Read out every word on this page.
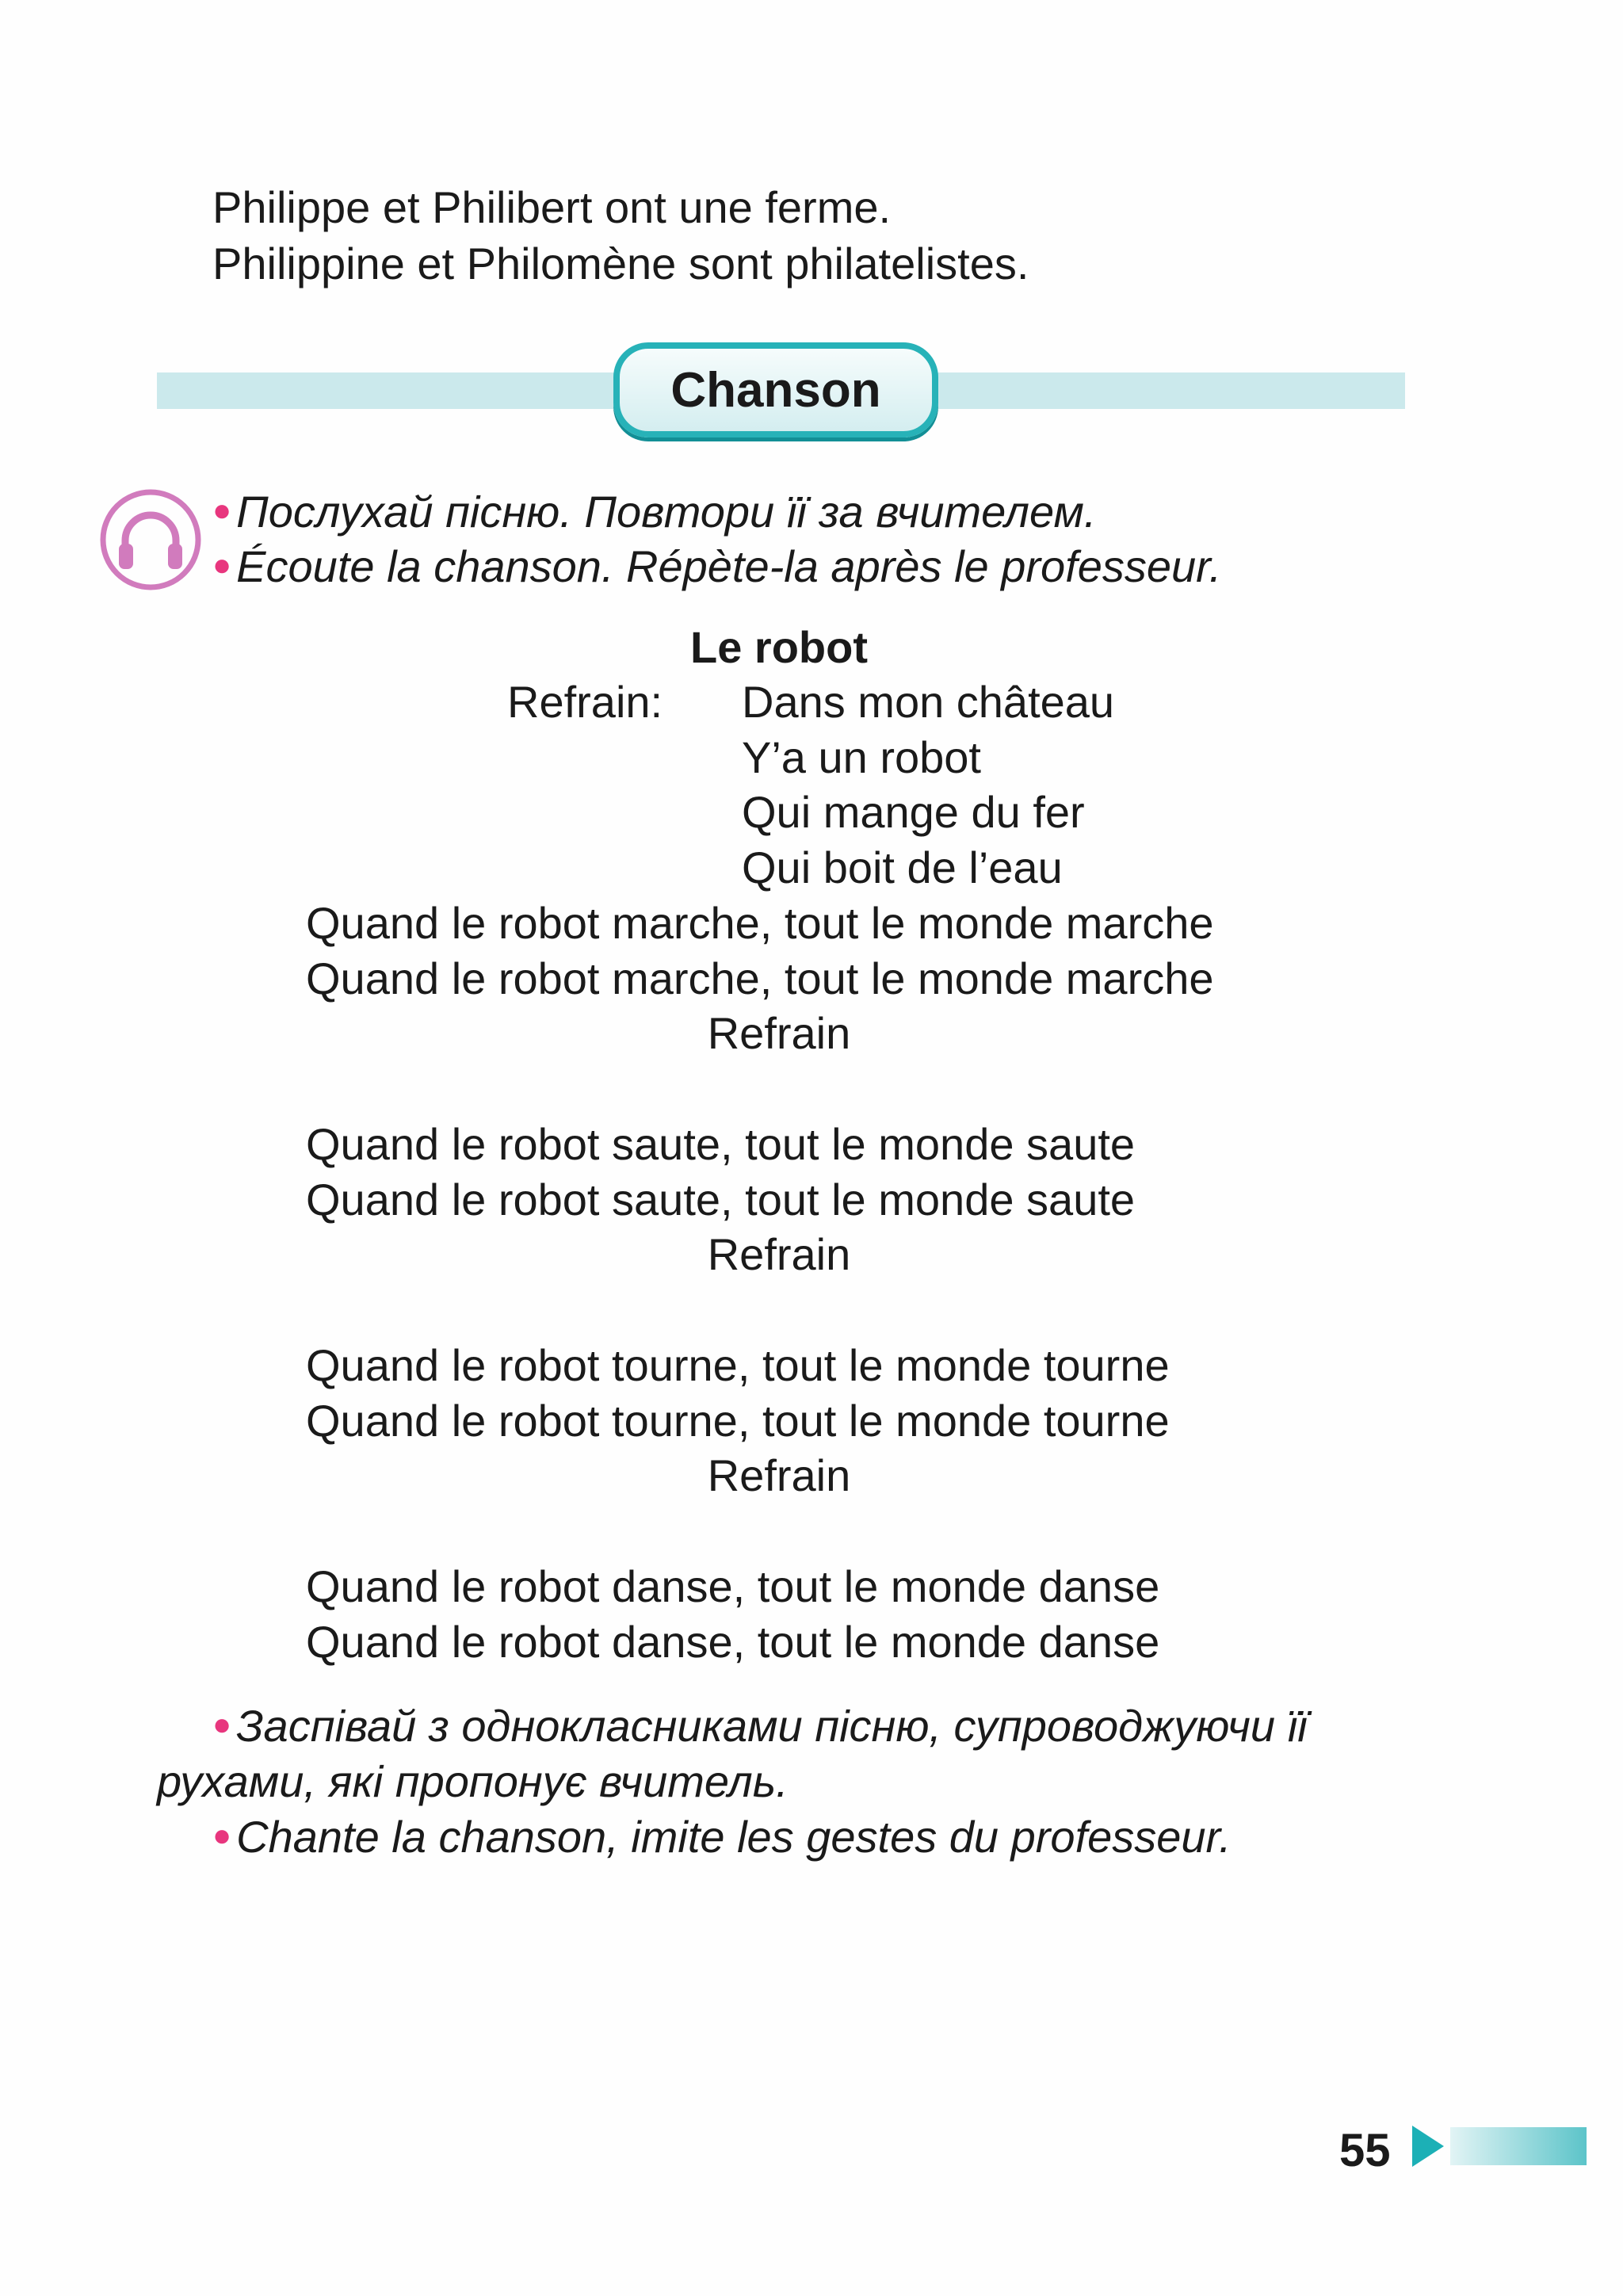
Philippe et Philibert ont une ferme.
Philippine et Philomène sont philatelistes.
Chanson
● Послухай пісню. Повтори її за вчителем.
● Écoute la chanson. Répète-la après le professeur.
Le robot
Refrain: Dans mon château
Y’a un robot
Qui mange du fer
Qui boit de l’eau
Quand le robot marche, tout le monde marche
Quand le robot marche, tout le monde marche
Refrain
Quand le robot saute, tout le monde saute
Quand le robot saute, tout le monde saute
Refrain
Quand le robot tourne, tout le monde tourne
Quand le robot tourne, tout le monde tourne
Refrain
Quand le robot danse, tout le monde danse
Quand le robot danse, tout le monde danse
● Заспівай з однокласниками пісню, супроводжуючи її
рухами, які пропонує вчитель.
● Chante la chanson, imite les gestes du professeur.
55
